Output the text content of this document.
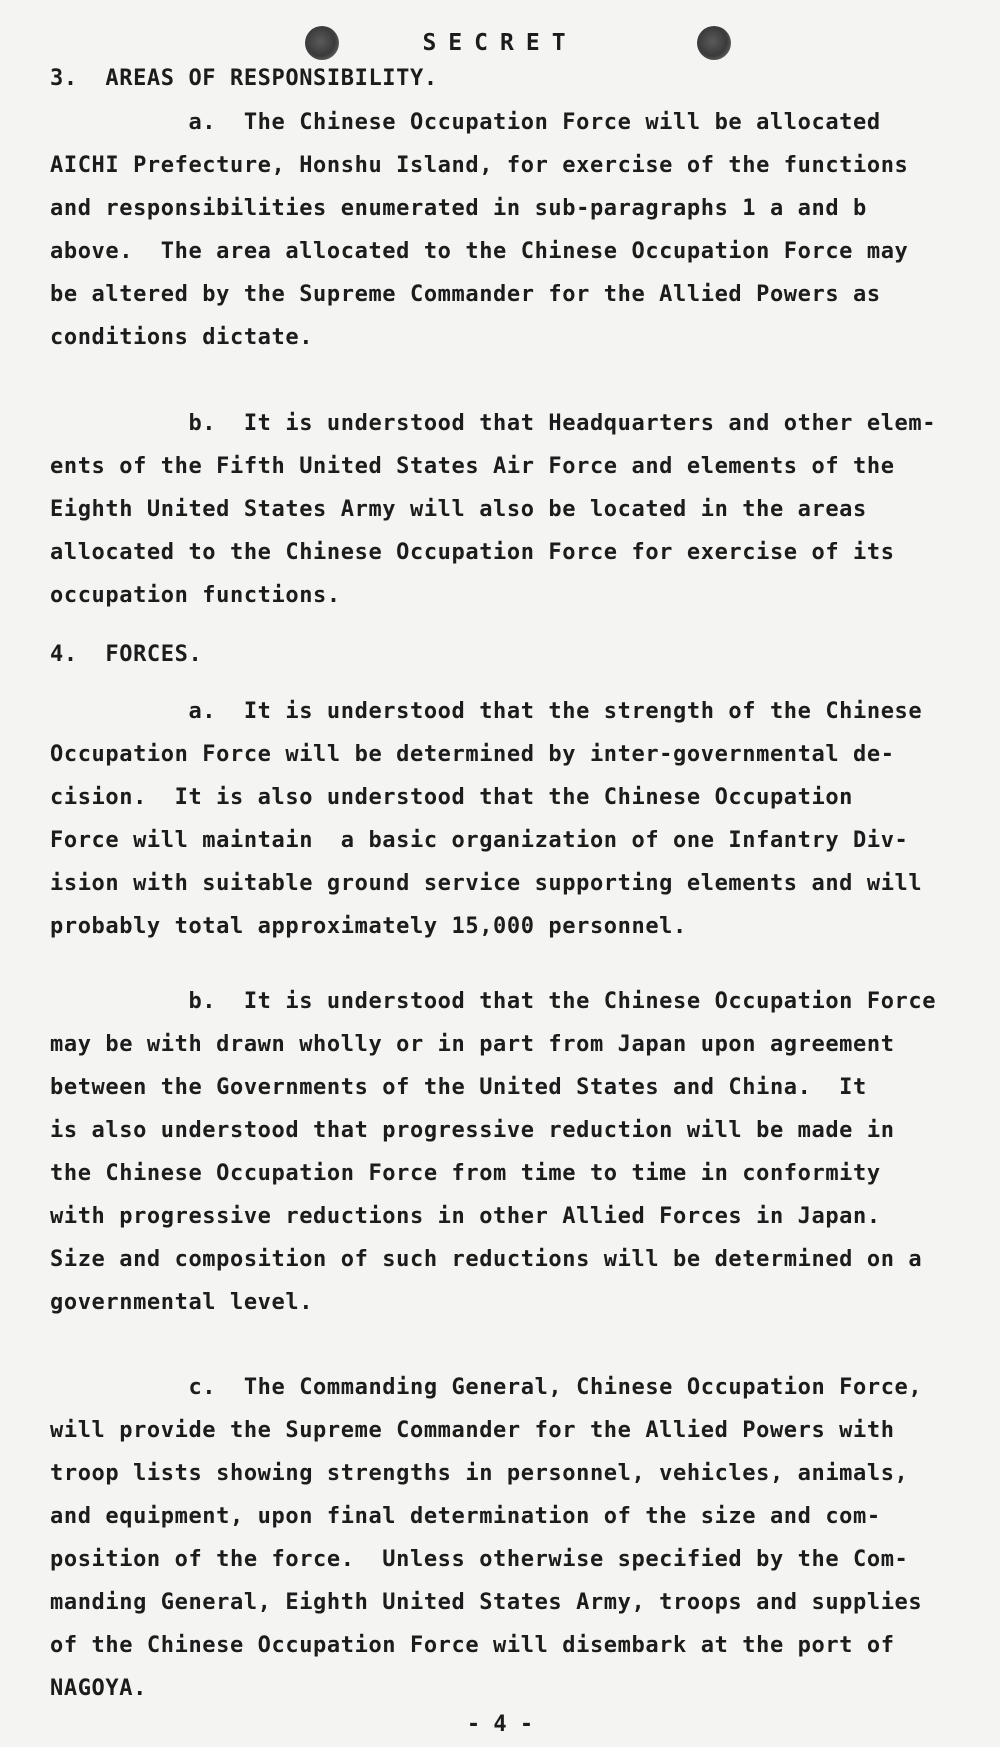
SECRET
3.  AREAS OF RESPONSIBILITY.
a.  The Chinese Occupation Force will be allocated
AICHI Prefecture, Honshu Island, for exercise of the functions
and responsibilities enumerated in sub-paragraphs 1 a and b
above.  The area allocated to the Chinese Occupation Force may
be altered by the Supreme Commander for the Allied Powers as
conditions dictate.
b.  It is understood that Headquarters and other elem-
ents of the Fifth United States Air Force and elements of the
Eighth United States Army will also be located in the areas
allocated to the Chinese Occupation Force for exercise of its
occupation functions.
4.  FORCES.
a.  It is understood that the strength of the Chinese
Occupation Force will be determined by inter-governmental de-
cision.  It is also understood that the Chinese Occupation
Force will maintain  a basic organization of one Infantry Div-
ision with suitable ground service supporting elements and will
probably total approximately 15,000 personnel.
b.  It is understood that the Chinese Occupation Force
may be with drawn wholly or in part from Japan upon agreement
between the Governments of the United States and China.  It
is also understood that progressive reduction will be made in
the Chinese Occupation Force from time to time in conformity
with progressive reductions in other Allied Forces in Japan.
Size and composition of such reductions will be determined on a
governmental level.
c.  The Commanding General, Chinese Occupation Force,
will provide the Supreme Commander for the Allied Powers with
troop lists showing strengths in personnel, vehicles, animals,
and equipment, upon final determination of the size and com-
position of the force.  Unless otherwise specified by the Com-
manding General, Eighth United States Army, troops and supplies
of the Chinese Occupation Force will disembark at the port of
NAGOYA.
- 4 -
